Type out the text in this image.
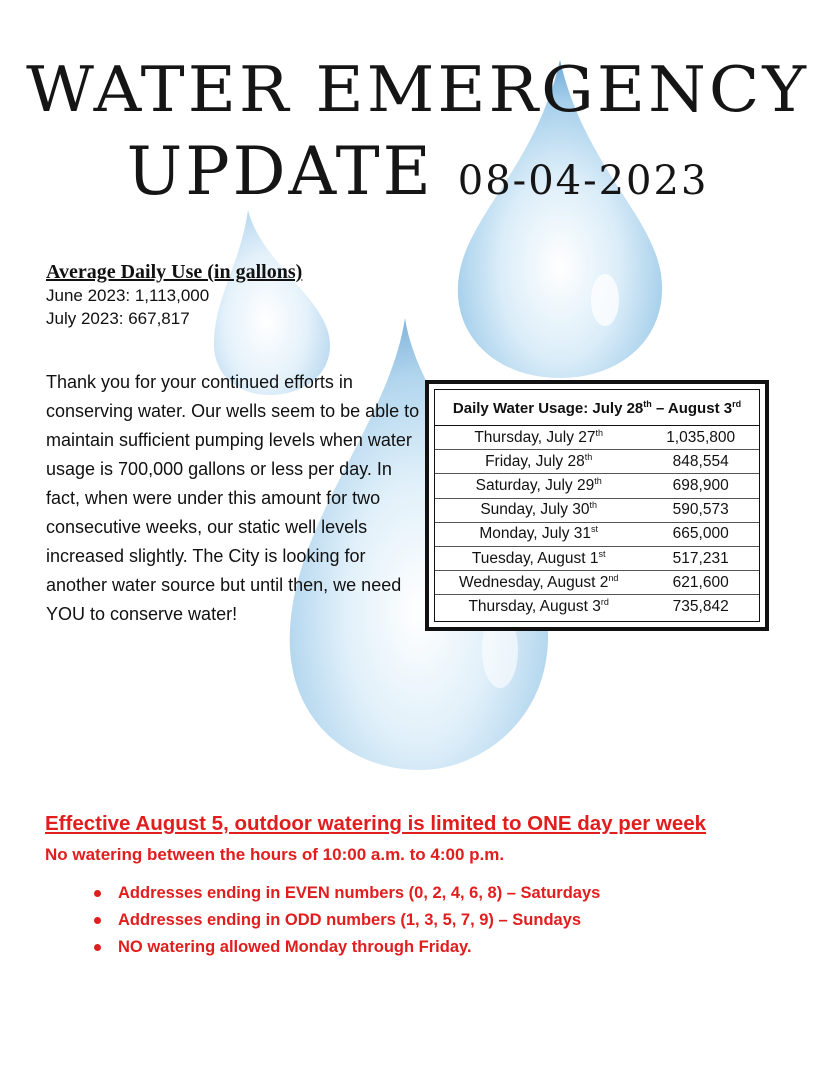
WATER EMERGENCY
UPDATE 08-04-2023
Average Daily Use (in gallons)
June 2023: 1,113,000
July 2023: 667,817

Thank you for your continued efforts in conserving water. Our wells seem to be able to maintain sufficient pumping levels when water usage is 700,000 gallons or less per day. In fact, when were under this amount for two consecutive weeks, our static well levels increased slightly. The City is looking for another water source but until then, we need YOU to conserve water!

Daily Water Usage: July 28th – August 3rd
Thursday, July 27th	1,035,800
Friday, July 28th	848,554
Saturday, July 29th	698,900
Sunday, July 30th	590,573
Monday, July 31st	665,000
Tuesday, August 1st	517,231
Wednesday, August 2nd	621,600
Thursday, August 3rd	735,842

Effective August 5, outdoor watering is limited to ONE day per week

No watering between the hours of 10:00 a.m. to 4:00 p.m.

Addresses ending in EVEN numbers (0, 2, 4, 6, 8) – Saturdays
Addresses ending in ODD numbers (1, 3, 5, 7, 9) – Sundays
NO watering allowed Monday through Friday.
